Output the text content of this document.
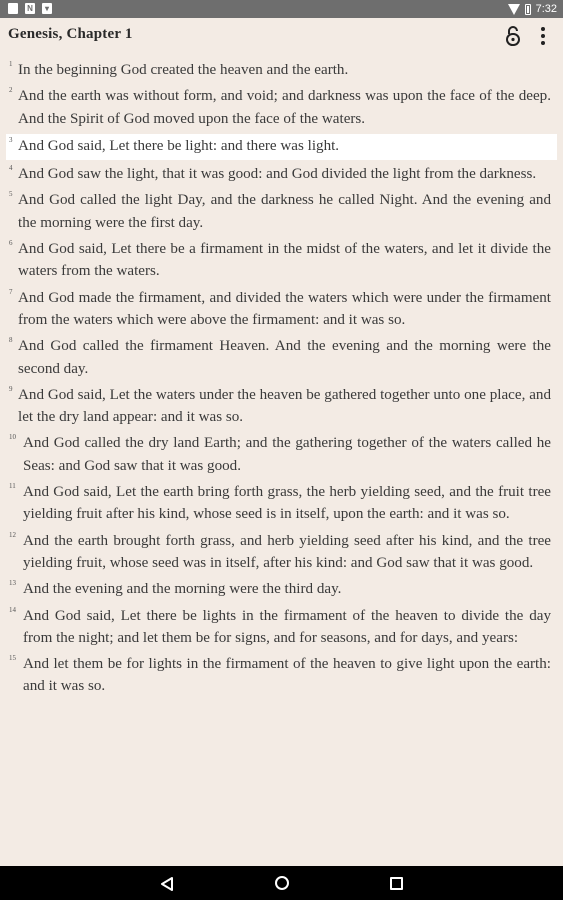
N	▾	7:32
Genesis, Chapter 1
1 In the beginning God created the heaven and the earth.
2 And the earth was without form, and void; and darkness was upon the face of the deep. And the Spirit of God moved upon the face of the waters.
3 And God said, Let there be light: and there was light.
4 And God saw the light, that it was good: and God divided the light from the darkness.
5 And God called the light Day, and the darkness he called Night. And the evening and the morning were the first day.
6 And God said, Let there be a firmament in the midst of the waters, and let it divide the waters from the waters.
7 And God made the firmament, and divided the waters which were under the firmament from the waters which were above the firmament: and it was so.
8 And God called the firmament Heaven. And the evening and the morning were the second day.
9 And God said, Let the waters under the heaven be gathered together unto one place, and let the dry land appear: and it was so.
10 And God called the dry land Earth; and the gathering together of the waters called he Seas: and God saw that it was good.
11 And God said, Let the earth bring forth grass, the herb yielding seed, and the fruit tree yielding fruit after his kind, whose seed is in itself, upon the earth: and it was so.
12 And the earth brought forth grass, and herb yielding seed after his kind, and the tree yielding fruit, whose seed was in itself, after his kind: and God saw that it was good.
13 And the evening and the morning were the third day.
14 And God said, Let there be lights in the firmament of the heaven to divide the day from the night; and let them be for signs, and for seasons, and for days, and years:
15 And let them be for lights in the firmament of the heaven to give light upon the earth: and it was so.
